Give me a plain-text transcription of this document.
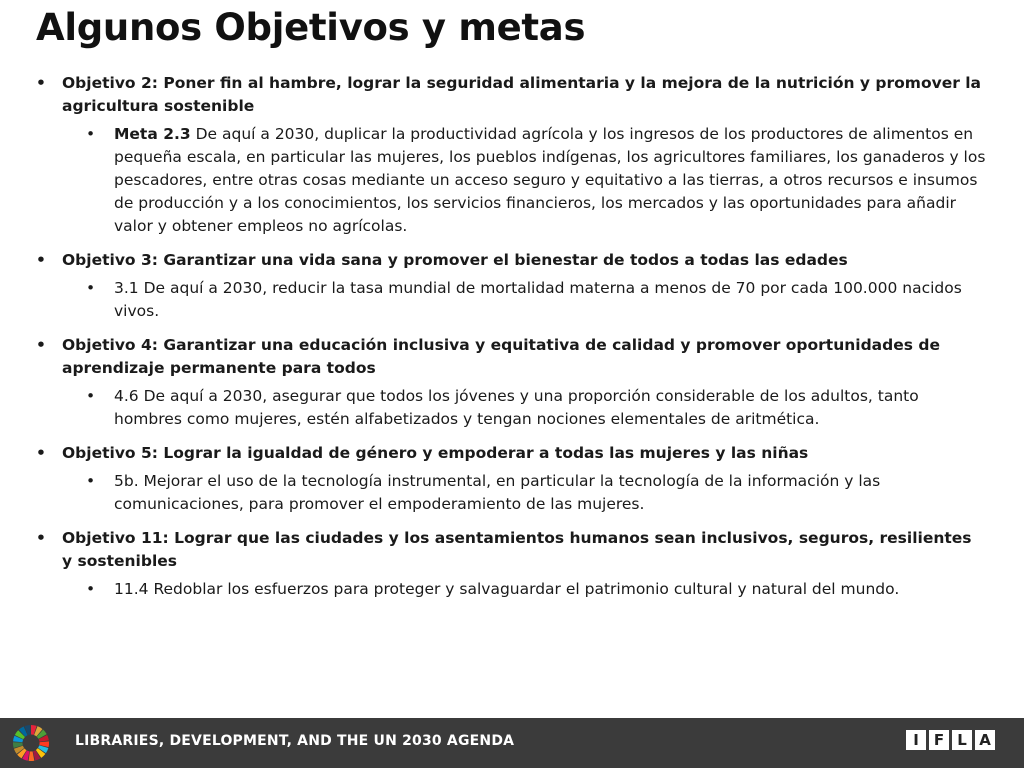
Algunos Objetivos y metas
• Objetivo 2: Poner fin al hambre, lograr la seguridad alimentaria y la mejora de la nutrición y promover la agricultura sostenible
• Meta 2.3 De aquí a 2030, duplicar la productividad agrícola y los ingresos de los productores de alimentos en pequeña escala, en particular las mujeres, los pueblos indígenas, los agricultores familiares, los ganaderos y los pescadores, entre otras cosas mediante un acceso seguro y equitativo a las tierras, a otros recursos e insumos de producción y a los conocimientos, los servicios financieros, los mercados y las oportunidades para añadir valor y obtener empleos no agrícolas.
• Objetivo 3: Garantizar una vida sana y promover el bienestar de todos a todas las edades
• 3.1 De aquí a 2030, reducir la tasa mundial de mortalidad materna a menos de 70 por cada 100.000 nacidos vivos.
• Objetivo 4: Garantizar una educación inclusiva y equitativa de calidad y promover oportunidades de aprendizaje permanente para todos
• 4.6 De aquí a 2030, asegurar que todos los jóvenes y una proporción considerable de los adultos, tanto hombres como mujeres, estén alfabetizados y tengan nociones elementales de aritmética.
• Objetivo 5: Lograr la igualdad de género y empoderar a todas las mujeres y las niñas
• 5b. Mejorar el uso de la tecnología instrumental, en particular la tecnología de la información y las comunicaciones, para promover el empoderamiento de las mujeres.
• Objetivo 11: Lograr que las ciudades y los asentamientos humanos sean inclusivos, seguros, resilientes y sostenibles
• 11.4 Redoblar los esfuerzos para proteger y salvaguardar el patrimonio cultural y natural del mundo.
LIBRARIES, DEVELOPMENT, AND THE UN 2030 AGENDA	I	F L A
